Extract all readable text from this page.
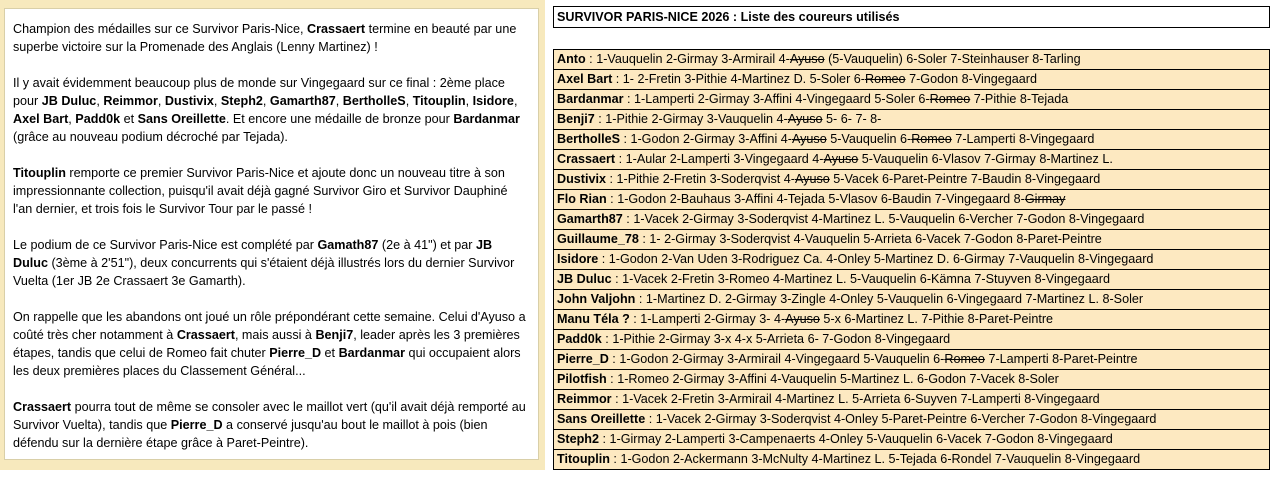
Champion des médailles sur ce Survivor Paris-Nice, Crassaert termine en beauté par une superbe victoire sur la Promenade des Anglais (Lenny Martinez) !

Il y avait évidemment beaucoup plus de monde sur Vingegaard sur ce final : 2ème place pour JB Duluc, Reimmor, Dustivix, Steph2, Gamarth87, BertholleS, Titouplin, Isidore, Axel Bart, Padd0k et Sans Oreillette. Et encore une médaille de bronze pour Bardanmar (grâce au nouveau podium décroché par Tejada).

Titouplin remporte ce premier Survivor Paris-Nice et ajoute donc un nouveau titre à son impressionnante collection, puisqu'il avait déjà gagné Survivor Giro et Survivor Dauphiné l'an dernier, et trois fois le Survivor Tour par le passé !

Le podium de ce Survivor Paris-Nice est complété par Gamath87 (2e à 41") et par JB Duluc (3ème à 2'51"), deux concurrents qui s'étaient déjà illustrés lors du dernier Survivor Vuelta (1er JB 2e Crassaert 3e Gamarth).

On rappelle que les abandons ont joué un rôle prépondérant cette semaine. Celui d'Ayuso a coûté très cher notamment à Crassaert, mais aussi à Benji7, leader après les 3 premières étapes, tandis que celui de Romeo fait chuter Pierre_D et Bardanmar qui occupaient alors les deux premières places du Classement Général...

Crassaert pourra tout de même se consoler avec le maillot vert (qu'il avait déjà remporté au Survivor Vuelta), tandis que Pierre_D a conservé jusqu'au bout le maillot à pois (bien défendu sur la dernière étape grâce à Paret-Peintre).

SURVIVOR PARIS-NICE 2026 : Liste des coureurs utilisés
Anto : 1-Vauquelin 2-Girmay 3-Armirail 4-Ayuso (5-Vauquelin) 6-Soler 7-Steinhauser 8-Tarling
Axel Bart : 1- 2-Fretin 3-Pithie 4-Martinez D. 5-Soler 6-Romeo 7-Godon 8-Vingegaard
Bardanmar : 1-Lamperti 2-Girmay 3-Affini 4-Vingegaard 5-Soler 6-Romeo 7-Pithie 8-Tejada
Benji7 : 1-Pithie 2-Girmay 3-Vauquelin 4-Ayuso 5- 6- 7- 8-
BertholleS : 1-Godon 2-Girmay 3-Affini 4-Ayuso 5-Vauquelin 6-Romeo 7-Lamperti 8-Vingegaard
Crassaert : 1-Aular 2-Lamperti 3-Vingegaard 4-Ayuso 5-Vauquelin 6-Vlasov 7-Girmay 8-Martinez L.
Dustivix : 1-Pithie 2-Fretin 3-Soderqvist 4-Ayuso 5-Vacek 6-Paret-Peintre 7-Baudin 8-Vingegaard
Flo Rian : 1-Godon 2-Bauhaus 3-Affini 4-Tejada 5-Vlasov 6-Baudin 7-Vingegaard 8-Girmay
Gamarth87 : 1-Vacek 2-Girmay 3-Soderqvist 4-Martinez L. 5-Vauquelin 6-Vercher 7-Godon 8-Vingegaard
Guillaume_78 : 1- 2-Girmay 3-Soderqvist 4-Vauquelin 5-Arrieta 6-Vacek 7-Godon 8-Paret-Peintre
Isidore : 1-Godon 2-Van Uden 3-Rodriguez Ca. 4-Onley 5-Martinez D. 6-Girmay 7-Vauquelin 8-Vingegaard
JB Duluc : 1-Vacek 2-Fretin 3-Romeo 4-Martinez L. 5-Vauquelin 6-Kämna 7-Stuyven 8-Vingegaard
John Valjohn : 1-Martinez D. 2-Girmay 3-Zingle 4-Onley 5-Vauquelin 6-Vingegaard 7-Martinez L. 8-Soler
Manu Téla ? : 1-Lamperti 2-Girmay 3- 4-Ayuso 5-x 6-Martinez L. 7-Pithie 8-Paret-Peintre
Padd0k : 1-Pithie 2-Girmay 3-x 4-x 5-Arrieta 6- 7-Godon 8-Vingegaard
Pierre_D : 1-Godon 2-Girmay 3-Armirail 4-Vingegaard 5-Vauquelin 6-Romeo 7-Lamperti 8-Paret-Peintre
Pilotfish : 1-Romeo 2-Girmay 3-Affini 4-Vauquelin 5-Martinez L. 6-Godon 7-Vacek 8-Soler
Reimmor : 1-Vacek 2-Fretin 3-Armirail 4-Martinez L. 5-Arrieta 6-Suyven 7-Lamperti 8-Vingegaard
Sans Oreillette : 1-Vacek 2-Girmay 3-Soderqvist 4-Onley 5-Paret-Peintre 6-Vercher 7-Godon 8-Vingegaard
Steph2 : 1-Girmay 2-Lamperti 3-Campenaerts 4-Onley 5-Vauquelin 6-Vacek 7-Godon 8-Vingegaard
Titouplin : 1-Godon 2-Ackermann 3-McNulty 4-Martinez L. 5-Tejada 6-Rondel 7-Vauquelin 8-Vingegaard
